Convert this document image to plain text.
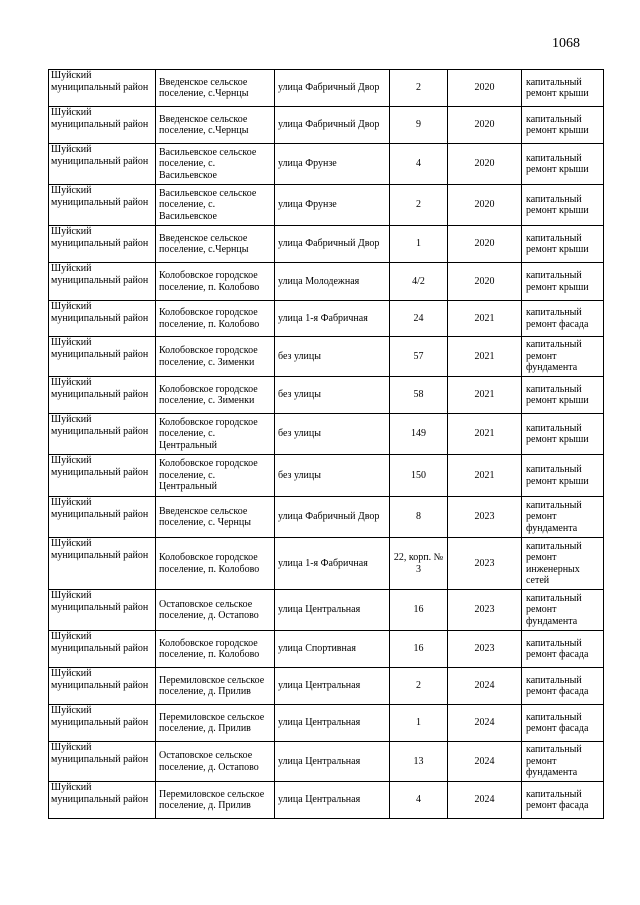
1068
Шуйский муниципальный район	Введенское сельское поселение, с.Чернцы	улица Фабричный Двор	2	2020	капитальный ремонт крыши
Шуйский муниципальный район	Введенское сельское поселение, с.Чернцы	улица Фабричный Двор	9	2020	капитальный ремонт крыши
Шуйский муниципальный район	Васильевское сельское поселение, с. Васильевское	улица Фрунзе	4	2020	капитальный ремонт крыши
Шуйский муниципальный район	Васильевское сельское поселение, с. Васильевское	улица Фрунзе	2	2020	капитальный ремонт крыши
Шуйский муниципальный район	Введенское сельское поселение, с.Чернцы	улица Фабричный Двор	1	2020	капитальный ремонт крыши
Шуйский муниципальный район	Колобовское городское поселение, п. Колобово	улица Молодежная	4/2	2020	капитальный ремонт крыши
Шуйский муниципальный район	Колобовское городское поселение, п. Колобово	улица 1-я Фабричная	24	2021	капитальный ремонт фасада
Шуйский муниципальный район	Колобовское городское поселение, с. Зименки	без улицы	57	2021	капитальный ремонт фундамента
Шуйский муниципальный район	Колобовское городское поселение, с. Зименки	без улицы	58	2021	капитальный ремонт крыши
Шуйский муниципальный район	Колобовское городское поселение, с. Центральный	без улицы	149	2021	капитальный ремонт крыши
Шуйский муниципальный район	Колобовское городское поселение, с. Центральный	без улицы	150	2021	капитальный ремонт крыши
Шуйский муниципальный район	Введенское сельское поселение, с. Чернцы	улица Фабричный Двор	8	2023	капитальный ремонт фундамента
Шуйский муниципальный район	Колобовское городское поселение, п. Колобово	улица 1-я Фабричная	22, корп. № 3	2023	капитальный ремонт инженерных сетей
Шуйский муниципальный район	Остаповское сельское поселение, д. Остапово	улица Центральная	16	2023	капитальный ремонт фундамента
Шуйский муниципальный район	Колобовское городское поселение, п. Колобово	улица Спортивная	16	2023	капитальный ремонт фасада
Шуйский муниципальный район	Перемиловское сельское поселение, д. Прилив	улица Центральная	2	2024	капитальный ремонт фасада
Шуйский муниципальный район	Перемиловское сельское поселение, д. Прилив	улица Центральная	1	2024	капитальный ремонт фасада
Шуйский муниципальный район	Остаповское сельское поселение, д. Остапово	улица Центральная	13	2024	капитальный ремонт фундамента
Шуйский муниципальный район	Перемиловское сельское поселение, д. Прилив	улица Центральная	4	2024	капитальный ремонт фасада
